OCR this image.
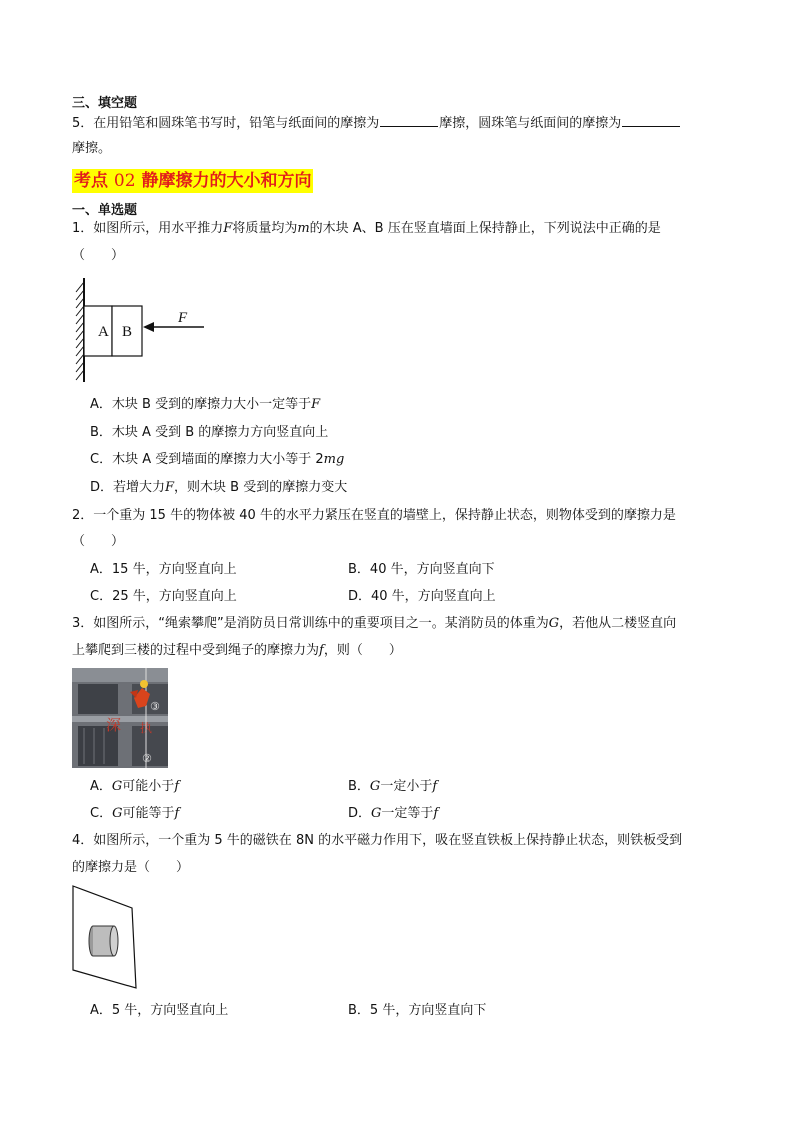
三、填空题
5．在用铅笔和圆珠笔书写时，铅笔与纸面间的摩擦为	摩擦，圆珠笔与纸面间的摩擦为
摩擦。
考点 02 静摩擦力的大小和方向
一、单选题
1．如图所示，用水平推力F将质量均为m的木块 A、B 压在竖直墙面上保持静止，下列说法中正确的是
（　　）
A B
F
A．木块 B 受到的摩擦力大小一定等于F
B．木块 A 受到 B 的摩擦力方向竖直向上
C．木块 A 受到墙面的摩擦力大小等于 2mg
D．若增大力F，则木块 B 受到的摩擦力变大
2．一个重为 15 牛的物体被 40 牛的水平力紧压在竖直的墙壁上，保持静止状态，则物体受到的摩擦力是
（　　）
A．15 牛，方向竖直向上	B．40 牛，方向竖直向下
C．25 牛，方向竖直向上	D．40 牛，方向竖直向上
3．如图所示，“绳索攀爬”是消防员日常训练中的重要项目之一。某消防员的体重为G，若他从二楼竖直向
上攀爬到三楼的过程中受到绳子的摩擦力为f，则（　　）
深 执
③
②
A．G可能小于f	B．G一定小于f
C．G可能等于f	D．G一定等于f
4．如图所示，一个重为 5 牛的磁铁在 8N 的水平磁力作用下，吸在竖直铁板上保持静止状态，则铁板受到
的摩擦力是（　　）
A．5 牛，方向竖直向上	B．5 牛，方向竖直向下
